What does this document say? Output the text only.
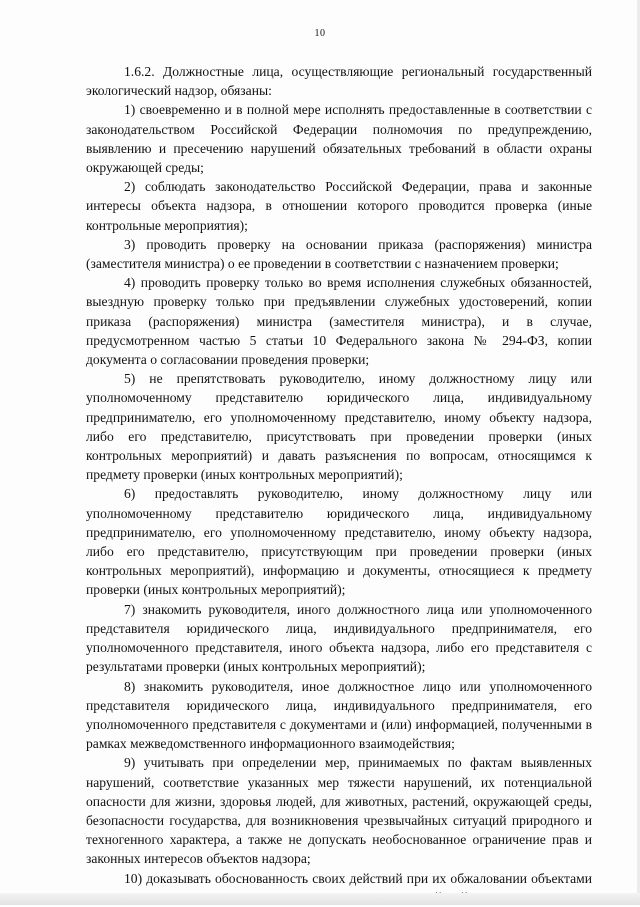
10

1.6.2. Должностные лица, осуществляющие региональный государственный экологический надзор, обязаны:

1) своевременно и в полной мере исполнять предоставленные в соответствии с законодательством Российской Федерации полномочия по предупреждению, выявлению и пресечению нарушений обязательных требований в области охраны окружающей среды;

2) соблюдать законодательство Российской Федерации, права и законные интересы объекта надзора, в отношении которого проводится проверка (иные контрольные мероприятия);

3) проводить проверку на основании приказа (распоряжения) министра (заместителя министра) о ее проведении в соответствии с назначением проверки;

4) проводить проверку только во время исполнения служебных обязанностей, выездную проверку только при предъявлении служебных удостоверений, копии приказа (распоряжения) министра (заместителя министра), и в случае, предусмотренном частью 5 статьи 10 Федерального закона № 294-ФЗ, копии документа о согласовании проведения проверки;

5) не препятствовать руководителю, иному должностному лицу или уполномоченному представителю юридического лица, индивидуальному предпринимателю, его уполномоченному представителю, иному объекту надзора, либо его представителю, присутствовать при проведении проверки (иных контрольных мероприятий) и давать разъяснения по вопросам, относящимся к предмету проверки (иных контрольных мероприятий);

6) предоставлять руководителю, иному должностному лицу или уполномоченному представителю юридического лица, индивидуальному предпринимателю, его уполномоченному представителю, иному объекту надзора, либо его представителю, присутствующим при проведении проверки (иных контрольных мероприятий), информацию и документы, относящиеся к предмету проверки (иных контрольных мероприятий);

7) знакомить руководителя, иного должностного лица или уполномоченного представителя юридического лица, индивидуального предпринимателя, его уполномоченного представителя, иного объекта надзора, либо его представителя с результатами проверки (иных контрольных мероприятий);

8) знакомить руководителя, иное должностное лицо или уполномоченного представителя юридического лица, индивидуального предпринимателя, его уполномоченного представителя с документами и (или) информацией, полученными в рамках межведомственного информационного взаимодействия;

9) учитывать при определении мер, принимаемых по фактам выявленных нарушений, соответствие указанных мер тяжести нарушений, их потенциальной опасности для жизни, здоровья людей, для животных, растений, окружающей среды, безопасности государства, для возникновения чрезвычайных ситуаций природного и техногенного характера, а также не допускать необоснованное ограничение прав и законных интересов объектов надзора;

10) доказывать обоснованность своих действий при их обжаловании объектами
